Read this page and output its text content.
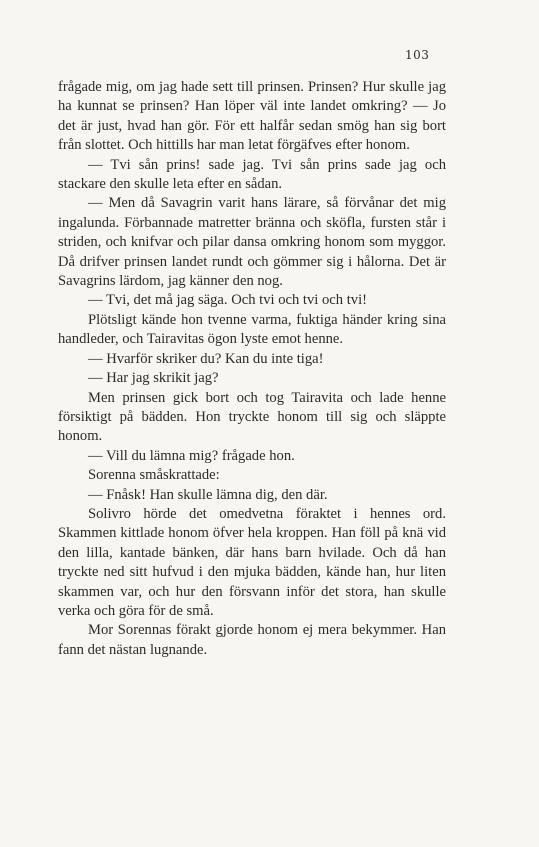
103

frågade mig, om jag hade sett till prinsen. Prinsen? Hur skulle jag ha kunnat se prinsen? Han löper väl inte landet omkring? — Jo det är just, hvad han gör. För ett halfår sedan smög han sig bort från slottet. Och hittills har man letat förgäfves efter honom.

— Tvi sån prins! sade jag. Tvi sån prins sade jag och stackare den skulle leta efter en sådan.

— Men då Savagrin varit hans lärare, så förvånar det mig ingalunda. Förbannade matretter bränna och sköfla, fursten står i striden, och knifvar och pilar dansa omkring honom som myggor. Då drifver prinsen landet rundt och gömmer sig i hålorna. Det är Savagrins lärdom, jag känner den nog.

— Tvi, det må jag säga. Och tvi och tvi och tvi!

Plötsligt kände hon tvenne varma, fuktiga händer kring sina handleder, och Tairavitas ögon lyste emot henne.

— Hvarför skriker du? Kan du inte tiga!

— Har jag skrikit jag?

Men prinsen gick bort och tog Tairavita och lade henne försiktigt på bädden. Hon tryckte honom till sig och släppte honom.

— Vill du lämna mig? frågade hon.

Sorenna småskrattade:

— Fnåsk! Han skulle lämna dig, den där.

Solivro hörde det omedvetna föraktet i hennes ord. Skammen kittlade honom öfver hela kroppen. Han föll på knä vid den lilla, kantade bänken, där hans barn hvilade. Och då han tryckte ned sitt hufvud i den mjuka bädden, kände han, hur liten skammen var, och hur den försvann inför det stora, han skulle verka och göra för de små.

Mor Sorennas förakt gjorde honom ej mera bekymmer. Han fann det nästan lugnande.
